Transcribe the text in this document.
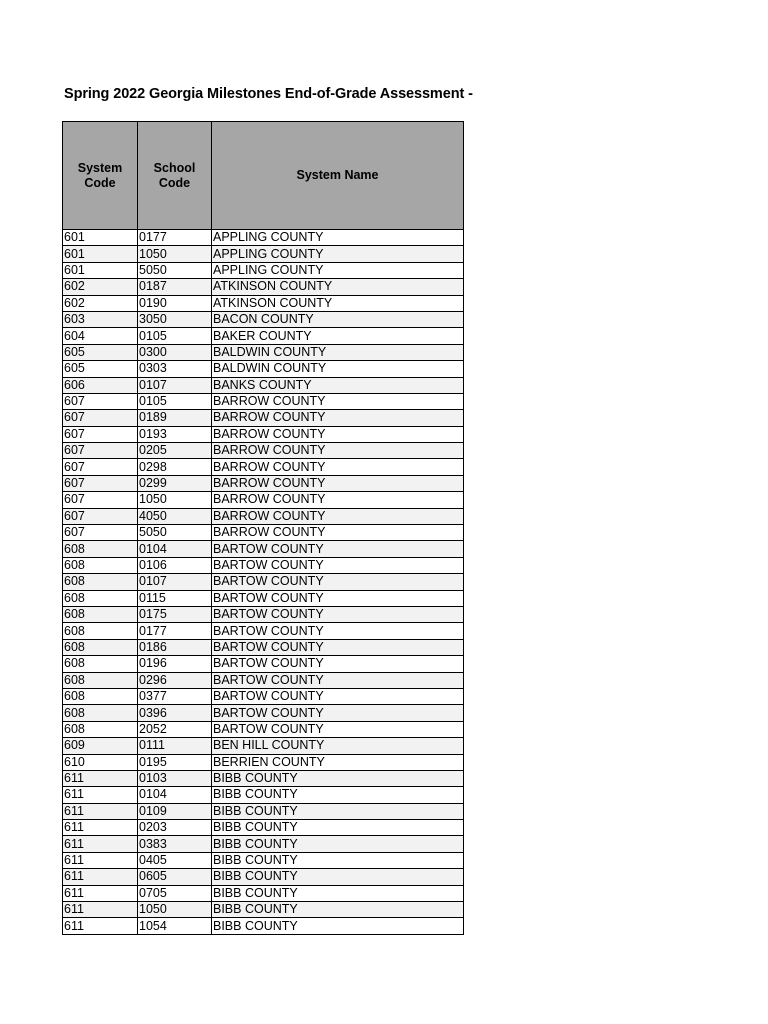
Spring 2022 Georgia Milestones End-of-Grade Assessment -
System Code	School Code	System Name
601	0177	APPLING COUNTY
601	1050	APPLING COUNTY
601	5050	APPLING COUNTY
602	0187	ATKINSON COUNTY
602	0190	ATKINSON COUNTY
603	3050	BACON COUNTY
604	0105	BAKER COUNTY
605	0300	BALDWIN COUNTY
605	0303	BALDWIN COUNTY
606	0107	BANKS COUNTY
607	0105	BARROW COUNTY
607	0189	BARROW COUNTY
607	0193	BARROW COUNTY
607	0205	BARROW COUNTY
607	0298	BARROW COUNTY
607	0299	BARROW COUNTY
607	1050	BARROW COUNTY
607	4050	BARROW COUNTY
607	5050	BARROW COUNTY
608	0104	BARTOW COUNTY
608	0106	BARTOW COUNTY
608	0107	BARTOW COUNTY
608	0115	BARTOW COUNTY
608	0175	BARTOW COUNTY
608	0177	BARTOW COUNTY
608	0186	BARTOW COUNTY
608	0196	BARTOW COUNTY
608	0296	BARTOW COUNTY
608	0377	BARTOW COUNTY
608	0396	BARTOW COUNTY
608	2052	BARTOW COUNTY
609	0111	BEN HILL COUNTY
610	0195	BERRIEN COUNTY
611	0103	BIBB COUNTY
611	0104	BIBB COUNTY
611	0109	BIBB COUNTY
611	0203	BIBB COUNTY
611	0383	BIBB COUNTY
611	0405	BIBB COUNTY
611	0605	BIBB COUNTY
611	0705	BIBB COUNTY
611	1050	BIBB COUNTY
611	1054	BIBB COUNTY
